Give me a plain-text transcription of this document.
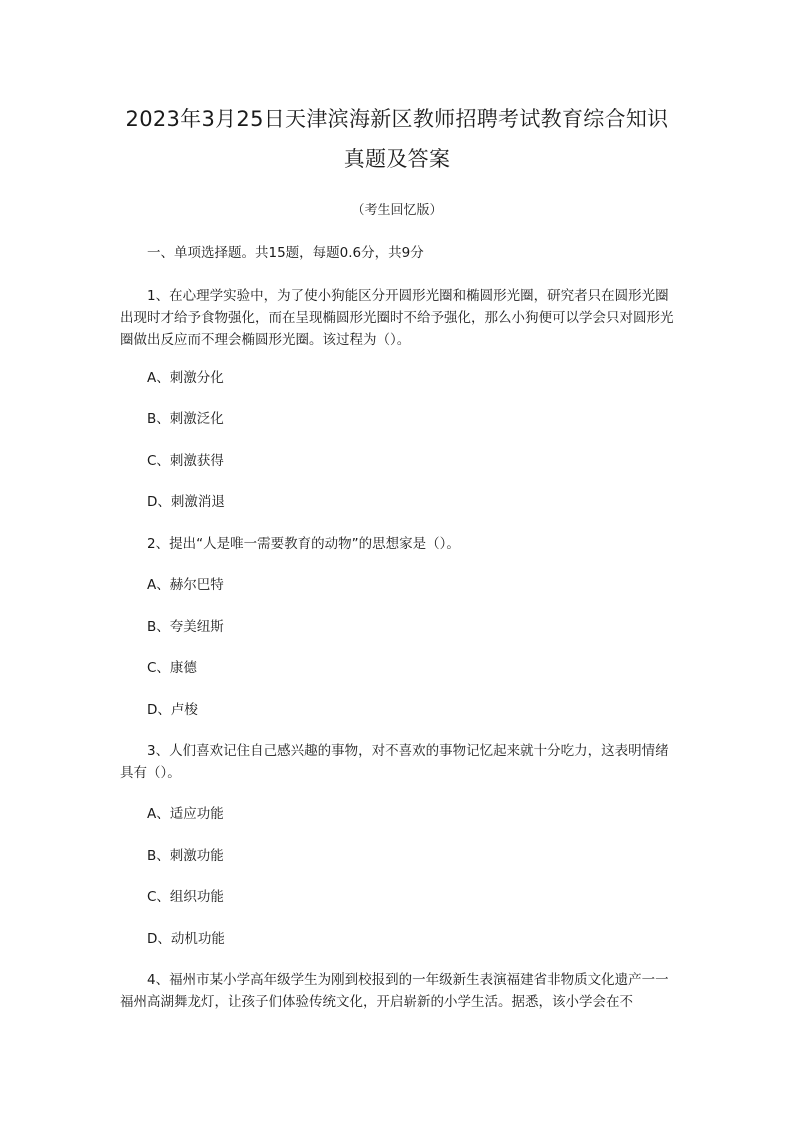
2023年3月25日天津滨海新区教师招聘考试教育综合知识
真题及答案

（考生回忆版）

一、单项选择题。共15题，每题0.6分，共9分

1、在心理学实验中，为了使小狗能区分开圆形光圈和椭圆形光圈，研究者只在圆形光圈出现时才给予食物强化，而在呈现椭圆形光圈时不给予强化，那么小狗便可以学会只对圆形光圈做出反应而不理会椭圆形光圈。该过程为（）。

A、刺激分化

B、刺激泛化

C、刺激获得

D、刺激消退

2、提出“人是唯一需要教育的动物”的思想家是（）。

A、赫尔巴特

B、夸美纽斯

C、康德

D、卢梭

3、人们喜欢记住自己感兴趣的事物，对不喜欢的事物记忆起来就十分吃力，这表明情绪具有（）。

A、适应功能

B、刺激功能

C、组织功能

D、动机功能

4、福州市某小学高年级学生为刚到校报到的一年级新生表演福建省非物质文化遗产一一福州高湖舞龙灯，让孩子们体验传统文化，开启崭新的小学生活。据悉，该小学会在不
